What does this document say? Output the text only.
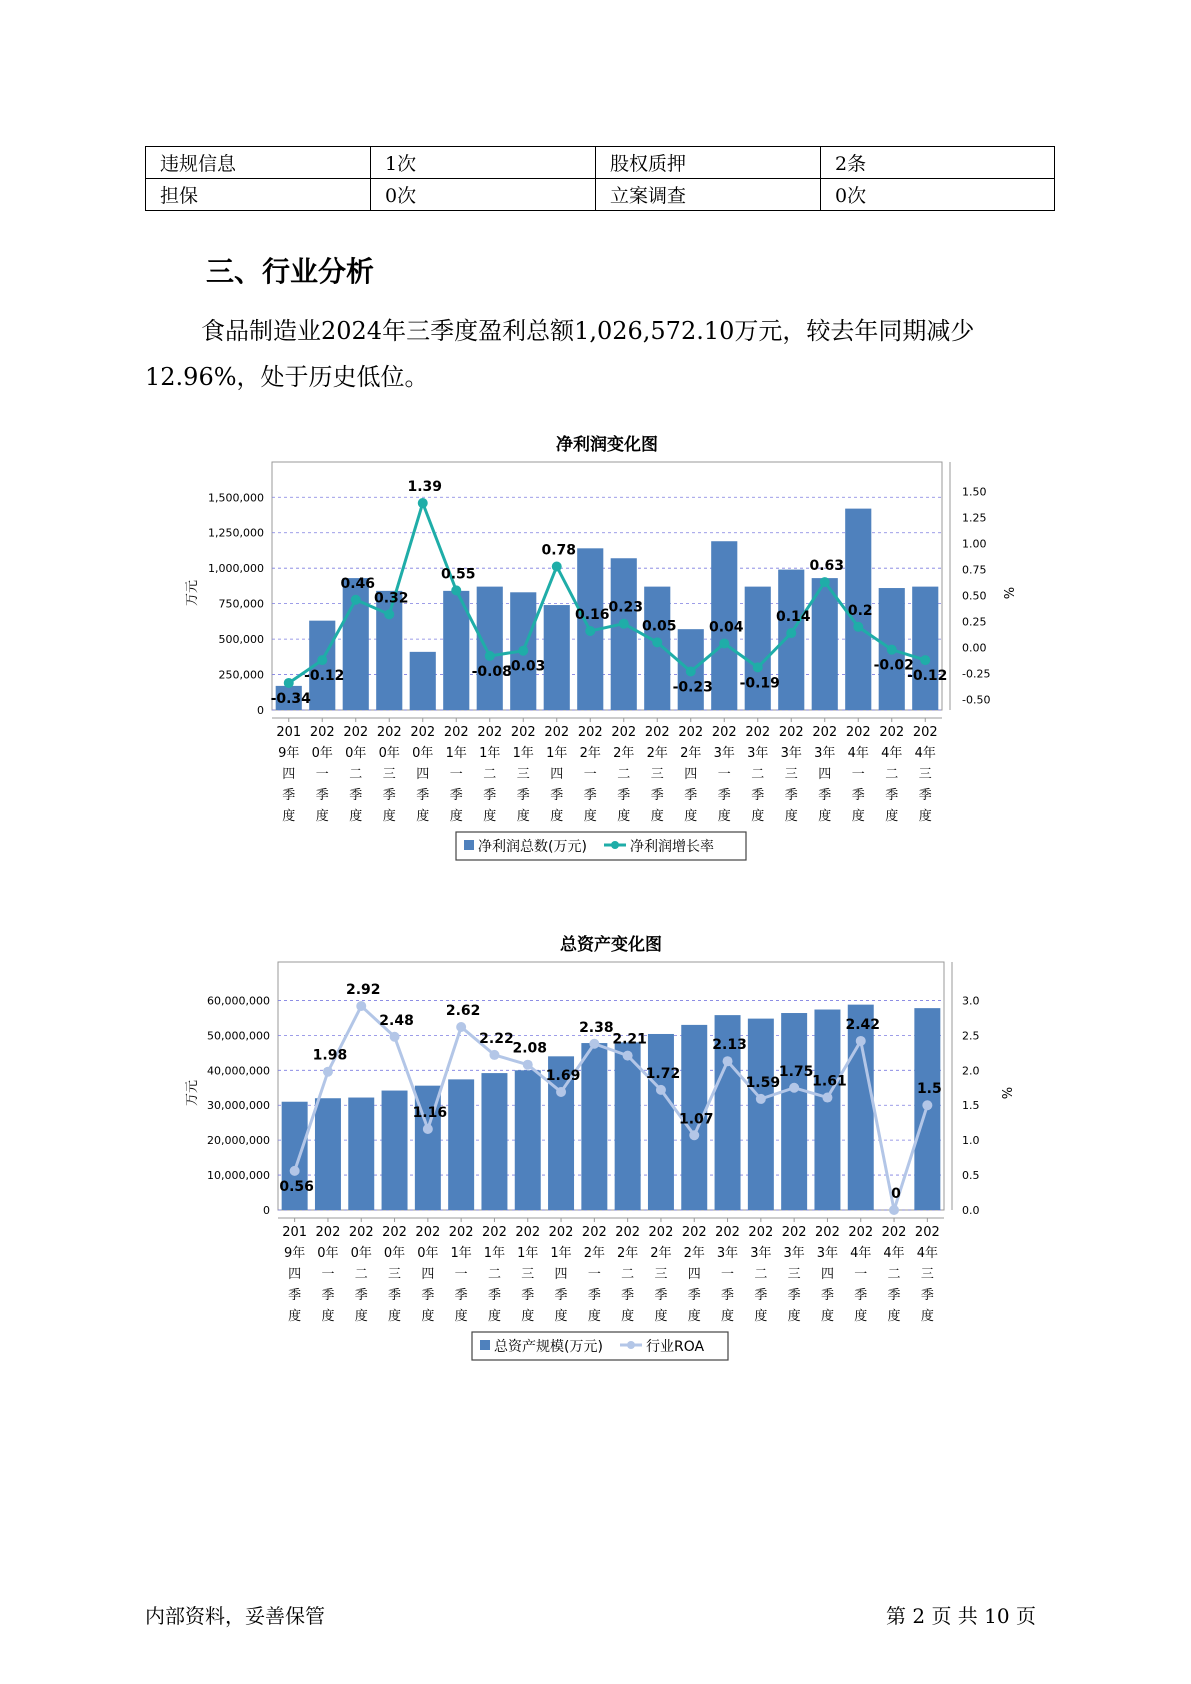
违规信息	1次	股权质押	2条
担保	0次	立案调查	0次
三、行业分析
食品制造业2024年三季度盈利总额1,026,572.10万元，较去年同期减少12.96%，处于历史低位。
净利润变化图
0
250,000
500,000
750,000
1,000,000
1,250,000
1,500,000
-0.50
-0.25
0.00
0.25
0.50
0.75
1.00
1.25
1.50
万元	%
201 9年四季度
202 0年一季度
202 0年二季度
202 0年三季度
202 0年四季度
202 1年一季度
202 1年二季度
202 1年三季度
202 1年四季度
202 2年一季度
202 2年二季度
202 2年三季度
202 2年四季度
202 3年一季度
202 3年二季度
202 3年三季度
202 3年四季度
202 4年一季度
202 4年二季度
202 4年三季度
-0.34
-0.12
0.46
0.32
1.39
0.55
-0.08
-0.03
0.78
0.16
0.23
0.05
-0.23
0.04
-0.19
0.14
0.63
0.2
-0.02
-0.12
净利润总数(万元)	净利润增长率
总资产变化图
0
10,000,000
20,000,000
30,000,000
40,000,000
50,000,000
60,000,000
0.0
0.5
1.0
1.5
2.0
2.5
3.0
万元	%
201 9年四季度
202 0年一季度
202 0年二季度
202 0年三季度
202 0年四季度
202 1年一季度
202 1年二季度
202 1年三季度
202 1年四季度
202 2年一季度
202 2年二季度
202 2年三季度
202 2年四季度
202 3年一季度
202 3年二季度
202 3年三季度
202 3年四季度
202 4年一季度
202 4年二季度
202 4年三季度
0.56
1.98
2.92
2.48
1.16
2.62
2.22
2.08
1.69
2.38
2.21
1.72
1.07
2.13
1.59
1.75
1.61
2.42
0
1.5
总资产规模(万元)	行业ROA
内部资料，妥善保管	第 2 页 共 10 页
